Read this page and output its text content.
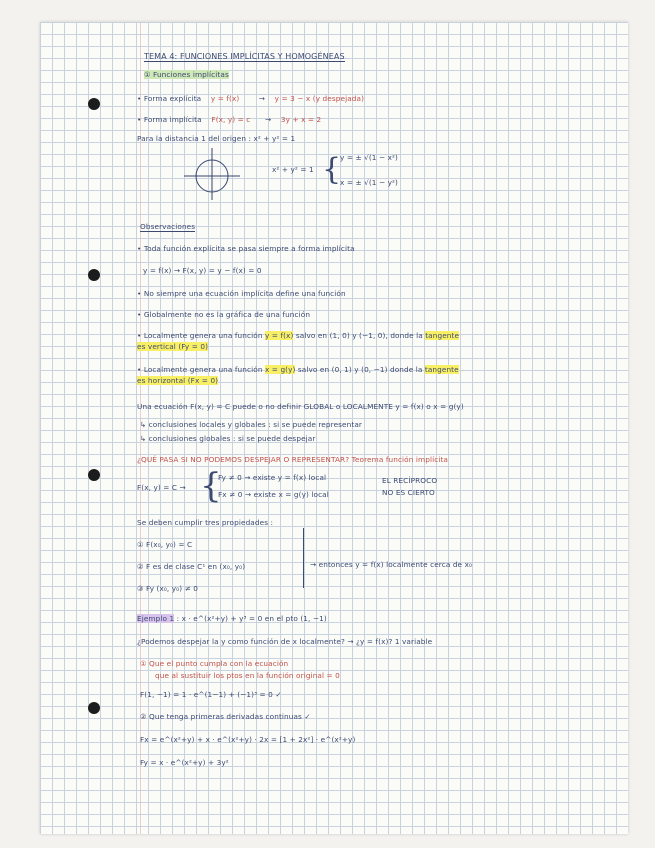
TEMA 4: FUNCIONES IMPLÍCITAS Y HOMOGÉNEAS
① Funciones implícitas
• Forma explícita y = f(x)	→ y = 3 − x (y despejada)
• Forma implícita F(x, y) = c → 3y + x = 2
Para la distancia 1 del origen : x² + y² = 1
x² + y² = 1 {
y = ± √(1 − x²)
x = ± √(1 − y²)
Observaciones
• Toda función explícita se pasa siempre a forma implícita
y = f(x) → F(x, y) = y − f(x) = 0
• No siempre una ecuación implícita define una función
• Globalmente no es la gráfica de una función
• Localmente genera una función y = f(x) salvo en (1, 0) y (−1, 0), donde la tangente
es vertical (Fy = 0)
• Localmente genera una función x = g(y) salvo en (0, 1) y (0, −1) donde la tangente
es horizontal (Fx = 0)
Una ecuación F(x, y) = C puede o no definir GLOBAL o LOCALMENTE y = f(x) o x = g(y)
↳ conclusiones locales y globales : si se puede representar
↳ conclusiones globales : si se puede despejar
¿QUÉ PASA SI NO PODEMOS DESPEJAR O REPRESENTAR? Teorema función implícita
F(x, y) = C → {
Fy ≠ 0 → existe y = f(x) local
Fx ≠ 0 → existe x = g(y) local
EL RECÍPROCO
NO ES CIERTO
Se deben cumplir tres propiedades :
① F(x₀, y₀) = C
② F es de clase C¹ en (x₀, y₀)
③ Fy (x₀, y₀) ≠ 0
→ entonces y = f(x) localmente cerca de x₀
Ejemplo 1 : x · e^(x²+y) + y³ = 0 en el pto (1, −1)
¿Podemos despejar la y como función de x localmente? → ¿y = f(x)? 1 variable
① Que el punto cumpla con la ecuación
que al sustituir los ptos en la función original = 0
F(1, −1) = 1 · e^(1−1) + (−1)³ = 0 ✓
② Que tenga primeras derivadas continuas ✓
Fx = e^(x²+y) + x · e^(x²+y) · 2x = [1 + 2x²] · e^(x²+y)
Fy = x · e^(x²+y) + 3y²
